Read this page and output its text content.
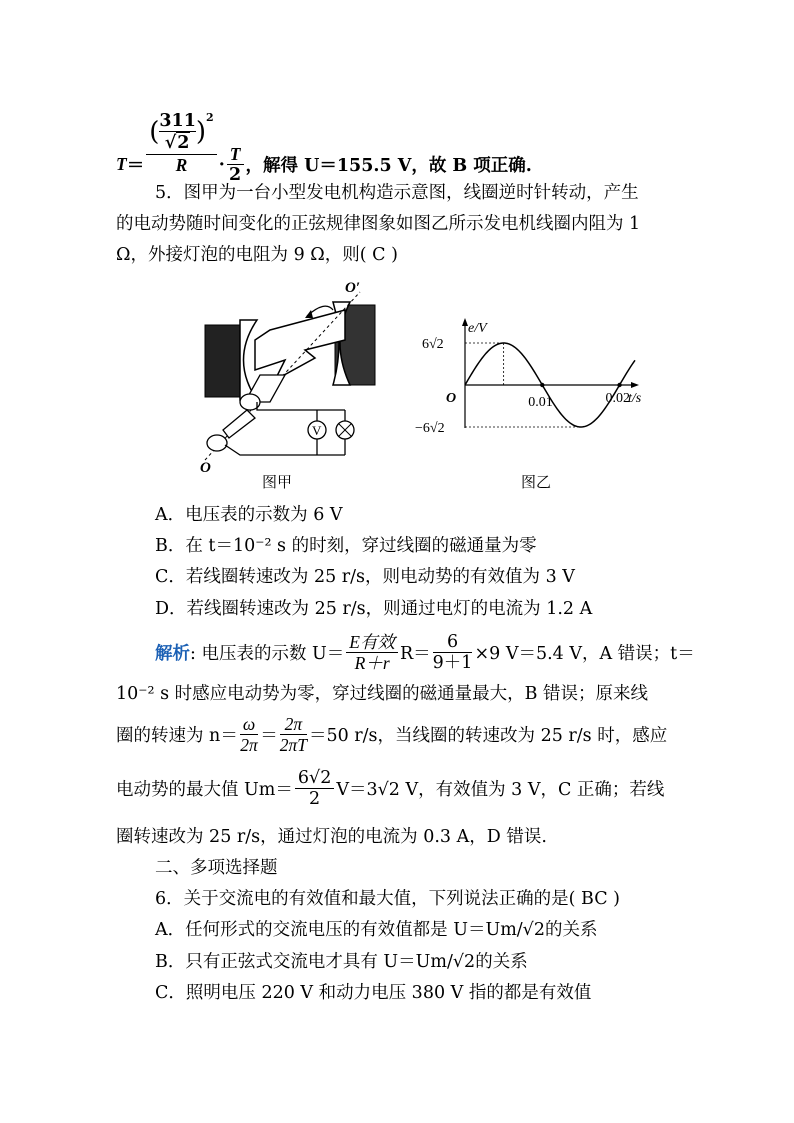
T ＝
( 311
√2 )$^2$
R	·
T
2 ，解得 U＝155.5 V，故 B 项正确.
5．图甲为一台小型发电机构造示意图，线圈逆时针转动，产生
的电动势随时间变化的正弦规律图象如图乙所示发电机线圈内阻为 1
Ω，外接灯泡的电阻为 9 Ω，则( C )
V
O′
O
图甲
e/V
t/s
O
6√2
−6√2
0.01	0.02
图乙
A．电压表的示数为 6 V
B．在 t＝10⁻² s 的时刻，穿过线圈的磁通量为零
C．若线圈转速改为 25 r/s，则电动势的有效值为 3 V
D．若线圈转速改为 25 r/s，则通过电灯的电流为 1.2 A
解析 : 电压表的示数 U＝
E有效
R＋r $R= \frac{6}{9+1} \times 9$ V＝5.4 V，A 错误；t＝
10⁻² s 时感应电动势为零，穿过线圈的磁通量最大，B 错误；原来线
圈的转速为 n＝
ω
2π ＝
2π
2πT ＝50 r/s，当线圈的转速改为 25 r/s 时，感应
电动势的最大值 Um＝
6√2
2 V＝3√2 V，有效值为 3 V，C 正确；若线
圈转速改为 25 r/s，通过灯泡的电流为 0.3 A，D 错误.
二、多项选择题
6．关于交流电的有效值和最大值，下列说法正确的是( BC )
A．任何形式的交流电压的有效值都是 U＝Um/√2的关系
B．只有正弦式交流电才具有 U＝Um/√2的关系
C．照明电压 220 V 和动力电压 380 V 指的都是有效值
